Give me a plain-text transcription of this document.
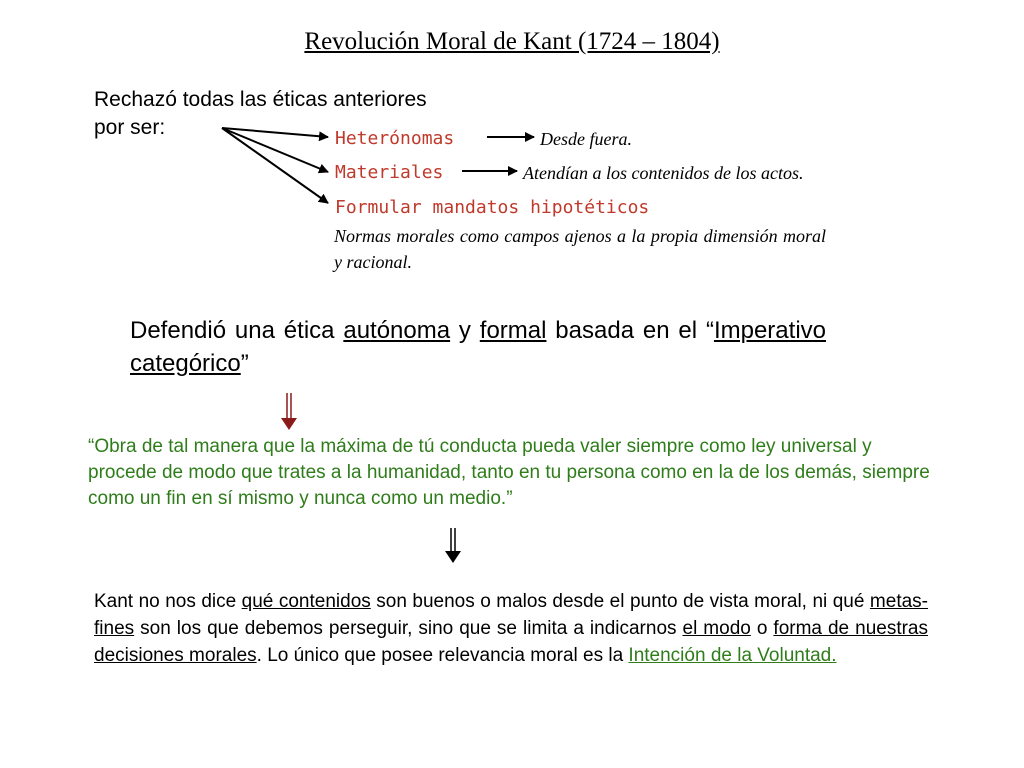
Revolución Moral de Kant (1724 – 1804)
Rechazó todas las éticas anteriores
por ser:	Heterónomas
Materiales
Formular mandatos hipotéticos
Desde fuera.
Atendían a los contenidos de los actos.
Normas morales como campos ajenos a la propia dimensión moral y racional.
Defendió una ética autónoma y formal basada en el “Imperativo categórico”
“Obra de tal manera que la máxima de tú conducta pueda valer siempre como ley universal y procede de modo que trates a la humanidad, tanto en tu persona como en la de los demás, siempre como un fin en sí mismo y nunca como un medio.”
Kant no nos dice qué contenidos son buenos o malos desde el punto de vista moral, ni qué metas-fines son los que debemos perseguir, sino que se limita a indicarnos el modo o forma de nuestras decisiones morales. Lo único que posee relevancia moral es la Intención de la Voluntad.
